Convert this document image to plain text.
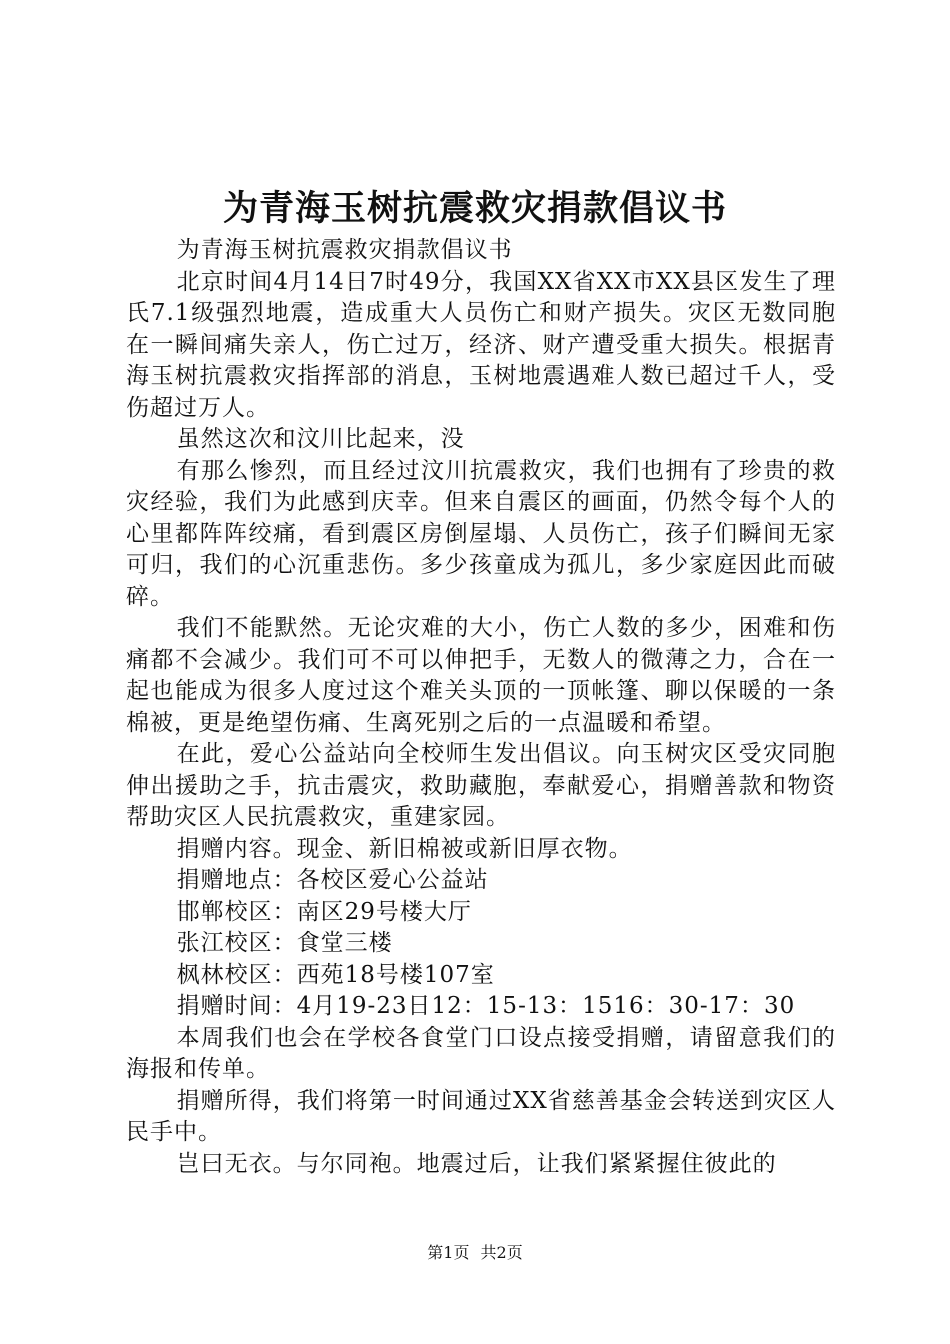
为青海玉树抗震救灾捐款倡议书

为青海玉树抗震救灾捐款倡议书

北京时间4月14日7时49分，我国XX省XX市XX县区发生了理氏7.1级强烈地震，造成重大人员伤亡和财产损失。灾区无数同胞在一瞬间痛失亲人，伤亡过万，经济、财产遭受重大损失。根据青海玉树抗震救灾指挥部的消息，玉树地震遇难人数已超过千人，受伤超过万人。

虽然这次和汶川比起来，没

有那么惨烈，而且经过汶川抗震救灾，我们也拥有了珍贵的救灾经验，我们为此感到庆幸。但来自震区的画面，仍然令每个人的心里都阵阵绞痛，看到震区房倒屋塌、人员伤亡，孩子们瞬间无家可归，我们的心沉重悲伤。多少孩童成为孤儿，多少家庭因此而破碎。

我们不能默然。无论灾难的大小，伤亡人数的多少，困难和伤痛都不会减少。我们可不可以伸把手，无数人的微薄之力，合在一起也能成为很多人度过这个难关头顶的一顶帐篷、聊以保暖的一条棉被，更是绝望伤痛、生离死别之后的一点温暖和希望。

在此，爱心公益站向全校师生发出倡议。向玉树灾区受灾同胞伸出援助之手，抗击震灾，救助藏胞，奉献爱心，捐赠善款和物资帮助灾区人民抗震救灾，重建家园。

捐赠内容。现金、新旧棉被或新旧厚衣物。

捐赠地点：各校区爱心公益站

邯郸校区：南区29号楼大厅

张江校区：食堂三楼

枫林校区：西苑18号楼107室

捐赠时间：4月19-23日12：15-13：1516：30-17：30

本周我们也会在学校各食堂门口设点接受捐赠，请留意我们的海报和传单。

捐赠所得，我们将第一时间通过XX省慈善基金会转送到灾区人民手中。

岂曰无衣。与尔同袍。地震过后，让我们紧紧握住彼此的

第1页 共2页
